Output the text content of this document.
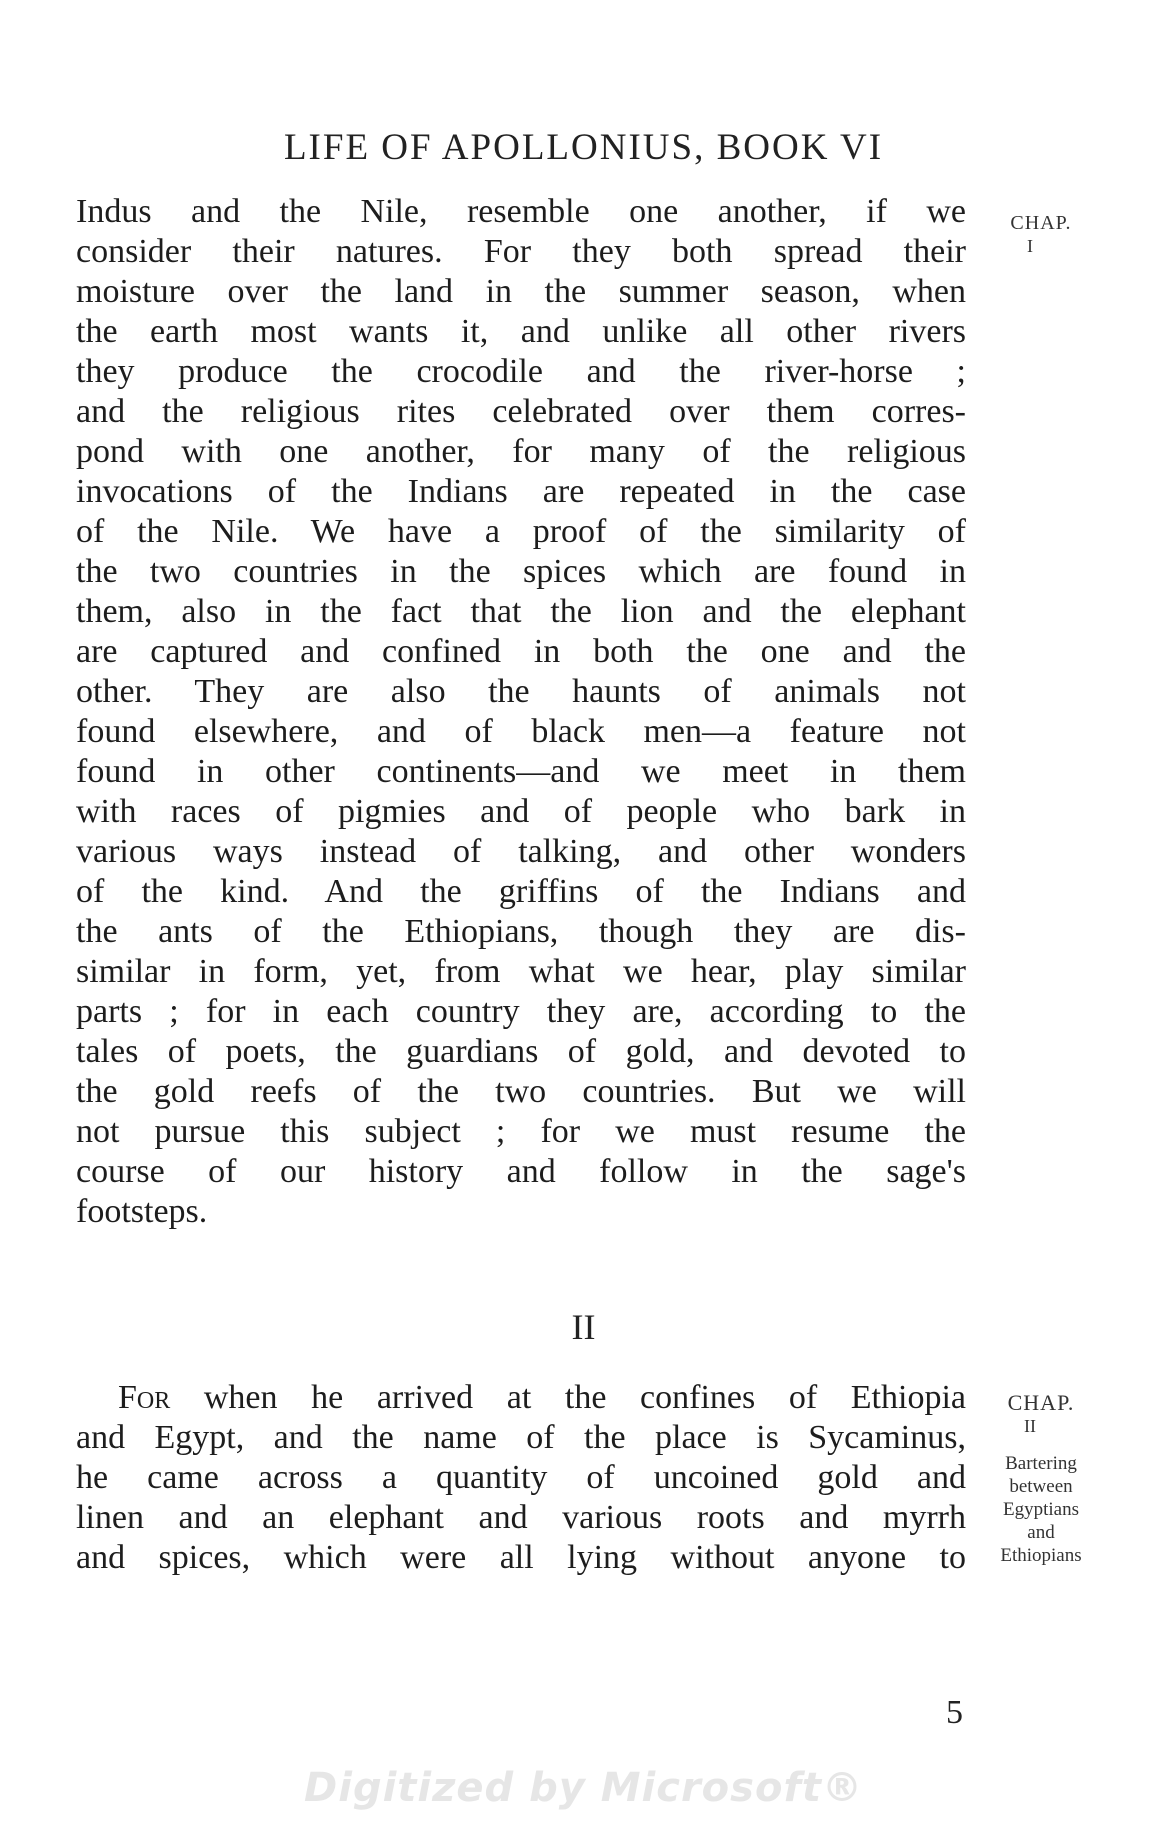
LIFE OF APOLLONIUS, BOOK VI
CHAP.
I
Indus and the Nile, resemble one another, if we
consider their natures. For they both spread their
moisture over the land in the summer season, when
the earth most wants it, and unlike all other rivers
they produce the crocodile and the river-horse ;
and the religious rites celebrated over them corres-
pond with one another, for many of the religious
invocations of the Indians are repeated in the case
of the Nile. We have a proof of the similarity of
the two countries in the spices which are found in
them, also in the fact that the lion and the elephant
are captured and confined in both the one and the
other. They are also the haunts of animals not
found elsewhere, and of black men—a feature not
found in other continents—and we meet in them
with races of pigmies and of people who bark in
various ways instead of talking, and other wonders
of the kind. And the griffins of the Indians and
the ants of the Ethiopians, though they are dis-
similar in form, yet, from what we hear, play similar
parts ; for in each country they are, according to the
tales of poets, the guardians of gold, and devoted to
the gold reefs of the two countries. But we will
not pursue this subject ; for we must resume the
course of our history and follow in the sage's
footsteps.
II
CHAP.
II
Bartering
between
Egyptians
and
Ethiopians
For when he arrived at the confines of Ethiopia
and Egypt, and the name of the place is Sycaminus,
he came across a quantity of uncoined gold and
linen and an elephant and various roots and myrrh
and spices, which were all lying without anyone to
5
Digitized by Microsoft®
